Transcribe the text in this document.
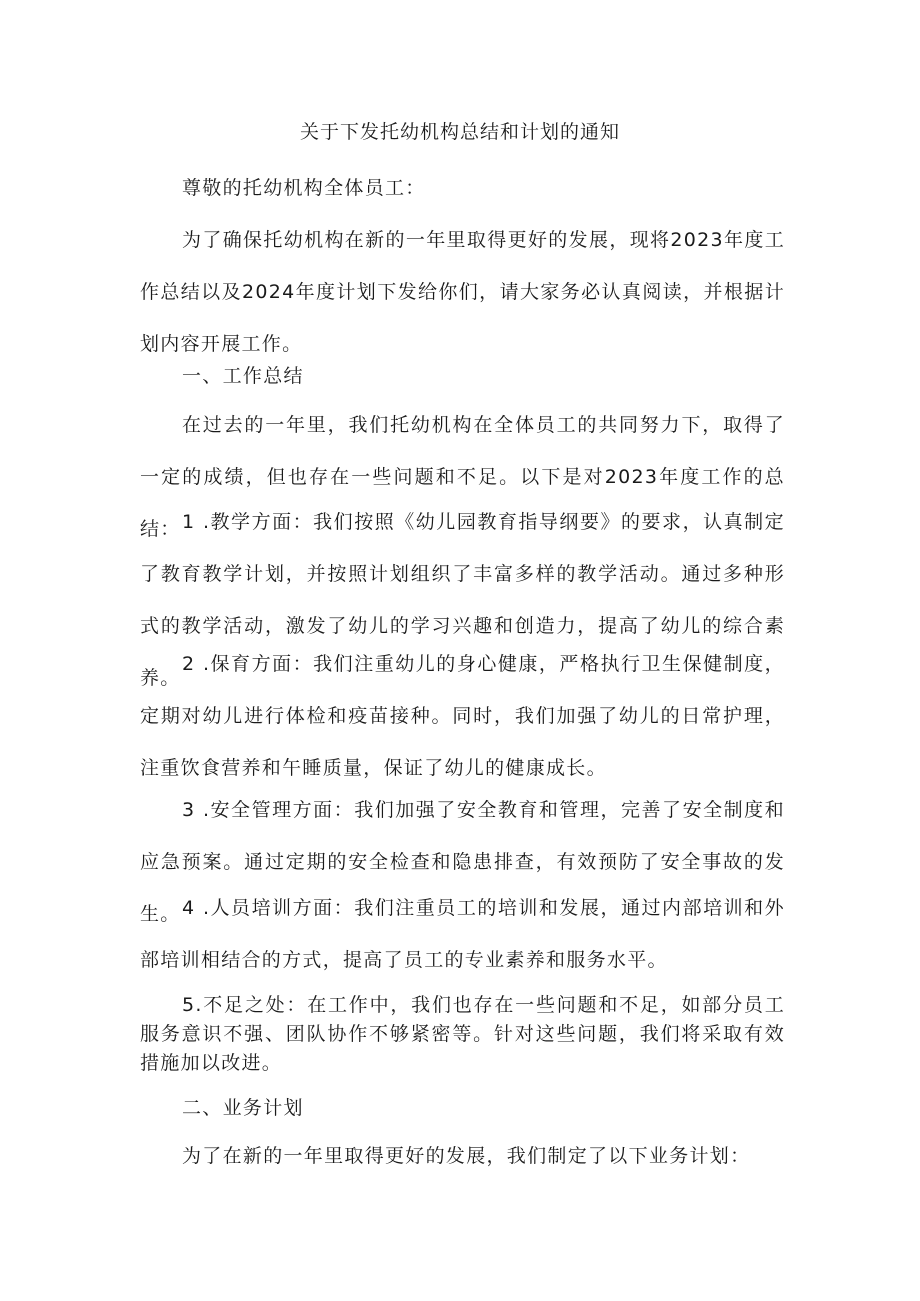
关于下发托幼机构总结和计划的通知

尊敬的托幼机构全体员工：

为了确保托幼机构在新的一年里取得更好的发展，现将2023年度工作总结以及2024年度计划下发给你们，请大家务必认真阅读，并根据计划内容开展工作。

一、工作总结

在过去的一年里，我们托幼机构在全体员工的共同努力下，取得了一定的成绩，但也存在一些问题和不足。以下是对2023年度工作的总结： 1 .教学方面：我们按照《幼儿园教育指导纲要》的要求，认真制定了教育教学计划，并按照计划组织了丰富多样的教学活动。通过多种形式的教学活动，激发了幼儿的学习兴趣和创造力，提高了幼儿的综合素养。

2 .保育方面：我们注重幼儿的身心健康，严格执行卫生保健制度，定期对幼儿进行体检和疫苗接种。同时，我们加强了幼儿的日常护理，注重饮食营养和午睡质量，保证了幼儿的健康成长。

3 .安全管理方面：我们加强了安全教育和管理，完善了安全制度和应急预案。通过定期的安全检查和隐患排查，有效预防了安全事故的发生。 4 .人员培训方面：我们注重员工的培训和发展，通过内部培训和外部培训相结合的方式，提高了员工的专业素养和服务水平。

5.不足之处：在工作中，我们也存在一些问题和不足，如部分员工服务意识不强、团队协作不够紧密等。针对这些问题，我们将采取有效措施加以改进。

二、业务计划

为了在新的一年里取得更好的发展，我们制定了以下业务计划：
